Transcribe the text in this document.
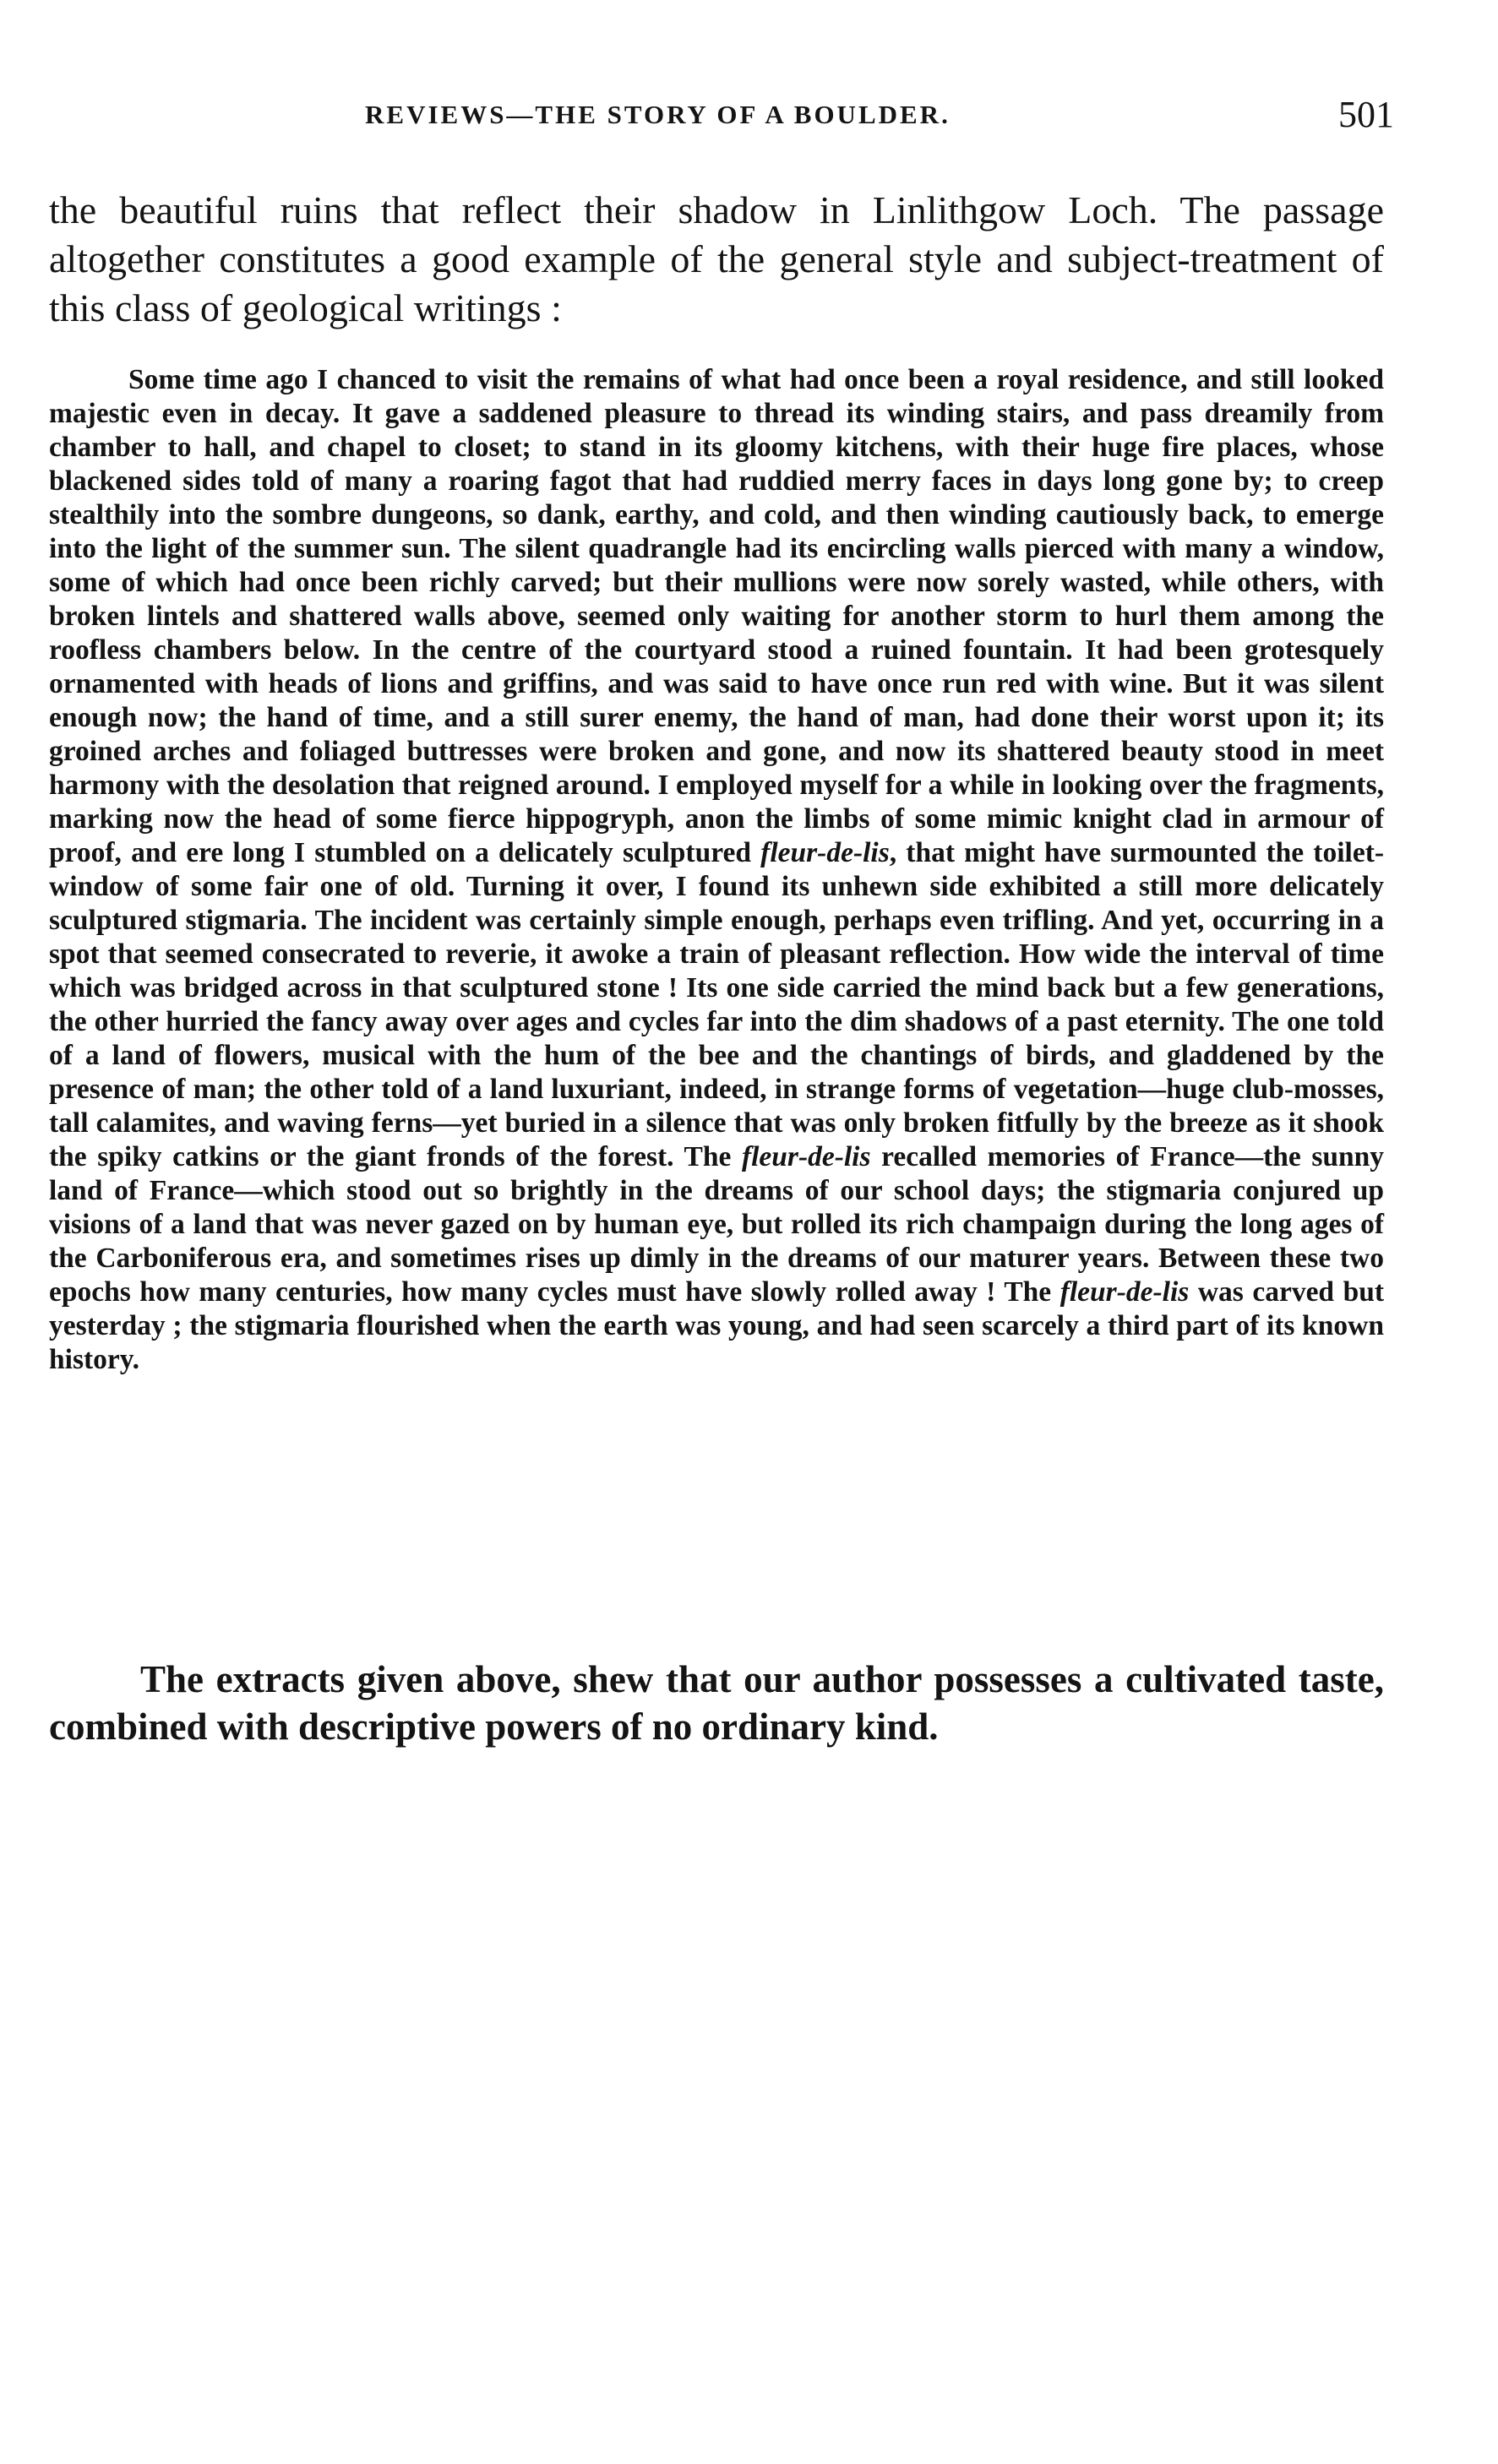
REVIEWS—THE STORY OF A BOULDER.	501

the beautiful ruins that reflect their shadow in Linlithgow Loch. The passage altogether constitutes a good example of the general style and subject-treatment of this class of geological writings :

Some time ago I chanced to visit the remains of what had once been a royal residence, and still looked majestic even in decay. It gave a saddened pleasure to thread its winding stairs, and pass dreamily from chamber to hall, and chapel to closet; to stand in its gloomy kitchens, with their huge fire places, whose blackened sides told of many a roaring fagot that had ruddied merry faces in days long gone by; to creep stealthily into the sombre dungeons, so dank, earthy, and cold, and then winding cautiously back, to emerge into the light of the summer sun. The silent quadrangle had its encircling walls pierced with many a window, some of which had once been richly carved; but their mullions were now sorely wasted, while others, with broken lintels and shattered walls above, seemed only waiting for another storm to hurl them among the roofless chambers below. In the centre of the courtyard stood a ruined fountain. It had been grotesquely ornamented with heads of lions and griffins, and was said to have once run red with wine. But it was silent enough now; the hand of time, and a still surer enemy, the hand of man, had done their worst upon it; its groined arches and foliaged buttresses were broken and gone, and now its shattered beauty stood in meet harmony with the desolation that reigned around. I employed myself for a while in looking over the fragments, marking now the head of some fierce hippogryph, anon the limbs of some mimic knight clad in armour of proof, and ere long I stumbled on a delicately sculptured fleur-de-lis, that might have surmounted the toilet-window of some fair one of old. Turning it over, I found its unhewn side exhibited a still more delicately sculptured stigmaria. The incident was certainly simple enough, perhaps even trifling. And yet, occurring in a spot that seemed consecrated to reverie, it awoke a train of pleasant reflection. How wide the interval of time which was bridged across in that sculptured stone ! Its one side carried the mind back but a few generations, the other hurried the fancy away over ages and cycles far into the dim shadows of a past eternity. The one told of a land of flowers, musical with the hum of the bee and the chantings of birds, and gladdened by the presence of man; the other told of a land luxuriant, indeed, in strange forms of vegetation—huge club-mosses, tall calamites, and waving ferns—yet buried in a silence that was only broken fitfully by the breeze as it shook the spiky catkins or the giant fronds of the forest. The fleur-de-lis recalled memories of France—the sunny land of France—which stood out so brightly in the dreams of our school days; the stigmaria conjured up visions of a land that was never gazed on by human eye, but rolled its rich champaign during the long ages of the Carboniferous era, and sometimes rises up dimly in the dreams of our maturer years. Between these two epochs how many centuries, how many cycles must have slowly rolled away ! The fleur-de-lis was carved but yesterday ; the stigmaria flourished when the earth was young, and had seen scarcely a third part of its known history.

The extracts given above, shew that our author possesses a cultivated taste, combined with descriptive powers of no ordinary kind.
